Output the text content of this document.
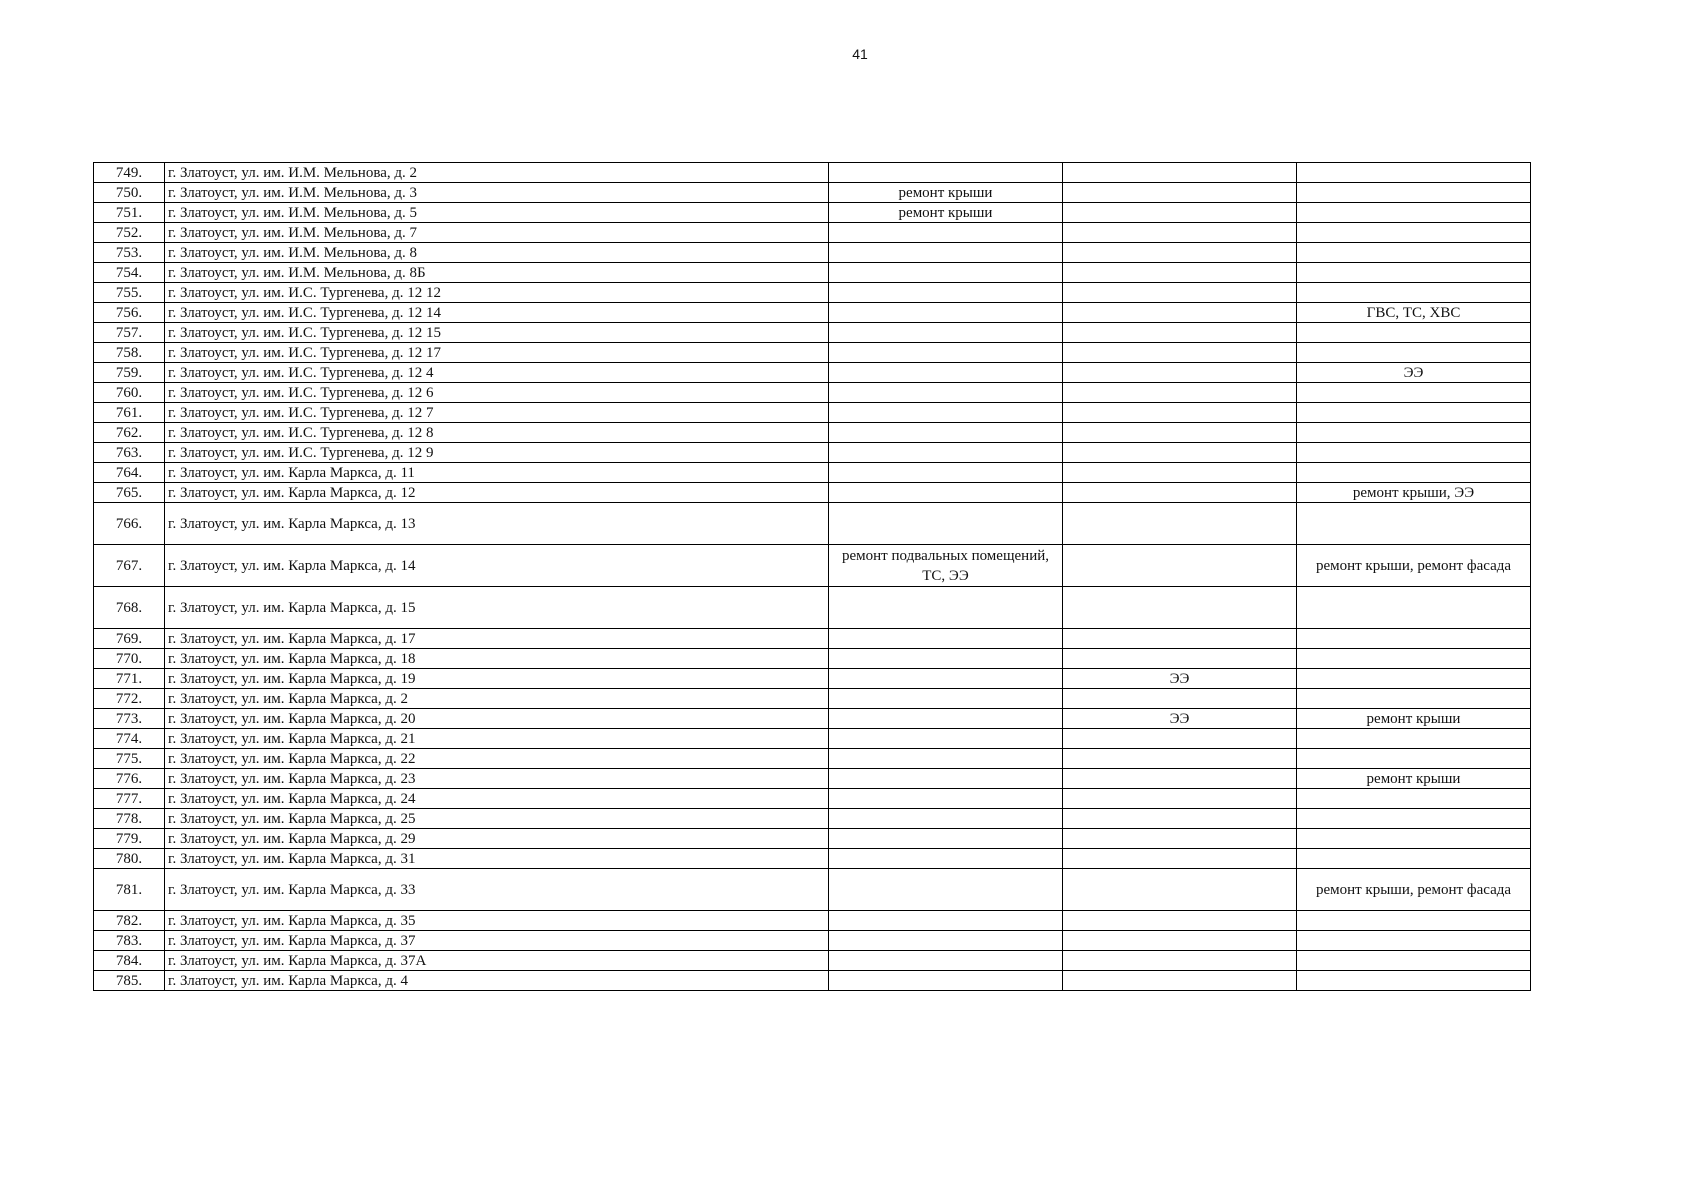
41
749.	г. Златоуст, ул. им. И.М. Мельнова, д. 2			
750.	г. Златоуст, ул. им. И.М. Мельнова, д. 3	ремонт крыши		
751.	г. Златоуст, ул. им. И.М. Мельнова, д. 5	ремонт крыши		
752.	г. Златоуст, ул. им. И.М. Мельнова, д. 7			
753.	г. Златоуст, ул. им. И.М. Мельнова, д. 8			
754.	г. Златоуст, ул. им. И.М. Мельнова, д. 8Б			
755.	г. Златоуст, ул. им. И.С. Тургенева, д. 12 12			
756.	г. Златоуст, ул. им. И.С. Тургенева, д. 12 14			ГВС, ТС, ХВС
757.	г. Златоуст, ул. им. И.С. Тургенева, д. 12 15			
758.	г. Златоуст, ул. им. И.С. Тургенева, д. 12 17			
759.	г. Златоуст, ул. им. И.С. Тургенева, д. 12 4			ЭЭ
760.	г. Златоуст, ул. им. И.С. Тургенева, д. 12 6			
761.	г. Златоуст, ул. им. И.С. Тургенева, д. 12 7			
762.	г. Златоуст, ул. им. И.С. Тургенева, д. 12 8			
763.	г. Златоуст, ул. им. И.С. Тургенева, д. 12 9			
764.	г. Златоуст, ул. им. Карла Маркса, д. 11			
765.	г. Златоуст, ул. им. Карла Маркса, д. 12			ремонт крыши, ЭЭ
766.	г. Златоуст, ул. им. Карла Маркса, д. 13			
767.	г. Златоуст, ул. им. Карла Маркса, д. 14	ремонт подвальных помещений, ТС, ЭЭ		ремонт крыши, ремонт фасада
768.	г. Златоуст, ул. им. Карла Маркса, д. 15			
769.	г. Златоуст, ул. им. Карла Маркса, д. 17			
770.	г. Златоуст, ул. им. Карла Маркса, д. 18			
771.	г. Златоуст, ул. им. Карла Маркса, д. 19		ЭЭ	
772.	г. Златоуст, ул. им. Карла Маркса, д. 2			
773.	г. Златоуст, ул. им. Карла Маркса, д. 20		ЭЭ	ремонт крыши
774.	г. Златоуст, ул. им. Карла Маркса, д. 21			
775.	г. Златоуст, ул. им. Карла Маркса, д. 22			
776.	г. Златоуст, ул. им. Карла Маркса, д. 23			ремонт крыши
777.	г. Златоуст, ул. им. Карла Маркса, д. 24			
778.	г. Златоуст, ул. им. Карла Маркса, д. 25			
779.	г. Златоуст, ул. им. Карла Маркса, д. 29			
780.	г. Златоуст, ул. им. Карла Маркса, д. 31			
781.	г. Златоуст, ул. им. Карла Маркса, д. 33			ремонт крыши, ремонт фасада
782.	г. Златоуст, ул. им. Карла Маркса, д. 35			
783.	г. Златоуст, ул. им. Карла Маркса, д. 37			
784.	г. Златоуст, ул. им. Карла Маркса, д. 37А			
785.	г. Златоуст, ул. им. Карла Маркса, д. 4			
